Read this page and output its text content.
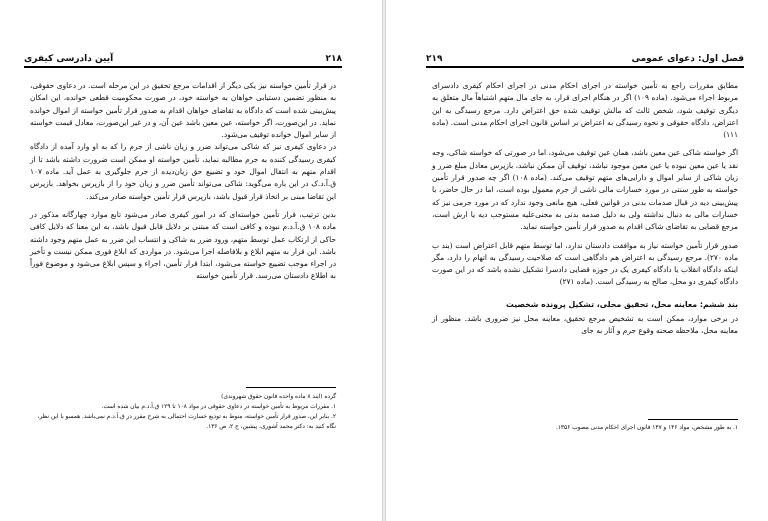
۲۱۸
آیین دادرسی کیفری

در قرار تأمین خواسته نیز یکی دیگر از اقدامات مرجع تحقیق در این مرحله است. در دعاوی حقوقی، به منظور تضمین دستیابی خواهان به خواسته خود، در صورت محکومیت قطعی خوانده، این امکان پیش‌بینی شده است که دادگاه به تقاضای خواهان اقدام به صدور قرار تأمین خواسته از اموال خوانده نماید. در این‌صورت، اگر خواسته، عین معین باشد عین آن، و در غیر این‌صورت، معادل قیمت خواسته از سایر اموال خوانده توقیف می‌شود.

در دعاوی کیفری نیز که شاکی می‌تواند ضرر و زیان ناشی از جرم را که به او وارد آمده از دادگاه کیفری رسیدگی کننده به جرم مطالبه نماید، تأمین خواسته او ممکن است ضرورت داشته باشد تا از اقدام متهم به انتقال اموال خود و تضییع حق زیان‌دیده از جرم جلوگیری به عمل آید. ماده ۱۰۷ ق.آ.د.ک در این باره می‌گوید: شاکی می‌تواند تأمین ضرر و زیان خود را از بازپرس بخواهد. بازپرس این تقاضا مبنی بر اتخاذ قرار قبول باشد، بازپرس قرار تأمین خواسته صادر می‌کند.

بدین ترتیب، قرار تأمین خواسته‌ای که در امور کیفری صادر می‌شود تابع موارد چهارگانه مذکور در ماده ۱۰۸ ق.آ.د.م نبوده و کافی است که مبتنی بر دلایل قابل قبول باشد، به این معنا که دلایل کافی حاکی از ارتکاب عمل توسط متهم، ورود ضرر به شاکی و انتساب این ضرر به عمل متهم وجود داشته باشد. این قرار به متهم ابلاغ و بلافاصله اجرا می‌شود. در مواردی که ابلاغ فوری ممکن نیست و تأخیر در اجراء موجب تضییع خواسته می‌شود، ابتدا قرار تأمین، اجراء و سپس ابلاغ می‌شود و موضوع فوراً به اطلاع دادستان می‌رسد. قرار تأمین خواسته

گرده (ایند ۸ ماده واحده قانون حقوق شهروندی)

۱. مقررات مربوط به تأمین خواسته در دعاوی حقوقی در مواد ۱۰۸ تا ۱۲۹ ق.آ.د.م بیان شده است.

۲. بنابر این، صدور قرار تأمین خواسته، منوط به تودیع خسارت احتمالی به شرح مقرر در ق.آ.د.م نمی‌باشد. همسو با این نظر، نگاه کنید به: دکتر محمد آشوری، پیشین، ج ۲، ص ۱۳۶.

فصل اول: دعوای عمومی
۲۱۹

مطابق مقررات راجع به تأمین خواسته در اجرای احکام مدنی در اجرای احکام کیفری دادسرای مربوط اجراء می‌شود. (ماده ۱۰۹) اگر در هنگام اجرای قرار، به جای مال متهم اشتباهاً مال متعلق به دیگری توقیف شود، شخص ثالث که مالش توقیف شده حق اعتراض دارد. مرجع رسیدگی به این اعتراض، دادگاه حقوقی و نحوه رسیدگی به اعتراض بر اساس قانون اجرای احکام مدنی است. (ماده ۱۱۱)

اگر خواسته شاکی عین معین باشد، همان عین توقیف می‌شود، اما در صورتی که خواسته شاکی، وجه نقد یا عین معین نبوده یا عین معین موجود نباشد، توقیف آن ممکن نباشد، بازپرس معادل مبلغ ضرر و زیان شاکی از سایر اموال و دارایی‌های متهم توقیف می‌کند. (ماده ۱۰۸) اگر چه صدور قرار تأمین خواسته به طور سنتی در مورد خسارات مالی ناشی از جرم معمول بوده است، اما در حال حاضر، با پیش‌بینی دیه در قبال صدمات بدنی در قوانین فعلی، هیچ مانعی وجود ندارد که در مورد جرمی نیز که خسارات مالی به دنبال نداشته ولی به دلیل صدمه بدنی به مجنی‌علیه مستوجب دیه یا ارش است، مرجع قضایی به تقاضای شاکی اقدام به صدور قرار تأمین خواسته نماید.

صدور قرار تأمین خواسته نیاز به موافقت دادستان ندارد، اما توسط متهم قابل اعتراض است (بند ب ماده ۲۷۰). مرجع رسیدگی به اعتراض هم دادگاهی است که صلاحیت رسیدگی به اتهام را دارد، مگر اینکه دادگاه انقلاب یا دادگاه کیفری یک در حوزه قضایی دادسرا تشکیل نشده باشد که در این صورت دادگاه کیفری دو محل، صالح به رسیدگی است. (ماده ۲۷۱)

بند ششم: معاینه محل، تحقیق محلی، تشکیل پرونده شخصیت

در برخی موارد، ممکن است به تشخیص مرجع تحقیق، معاینه محل نیز ضروری باشد. منظور از معاینه محل، ملاحظه صحنه وقوع جرم و آثار به جای

۱. به طور مشخص، مواد ۱۴۶ و ۱۴۷ قانون اجرای احکام مدنی مصوب ۱۳۵۶.
